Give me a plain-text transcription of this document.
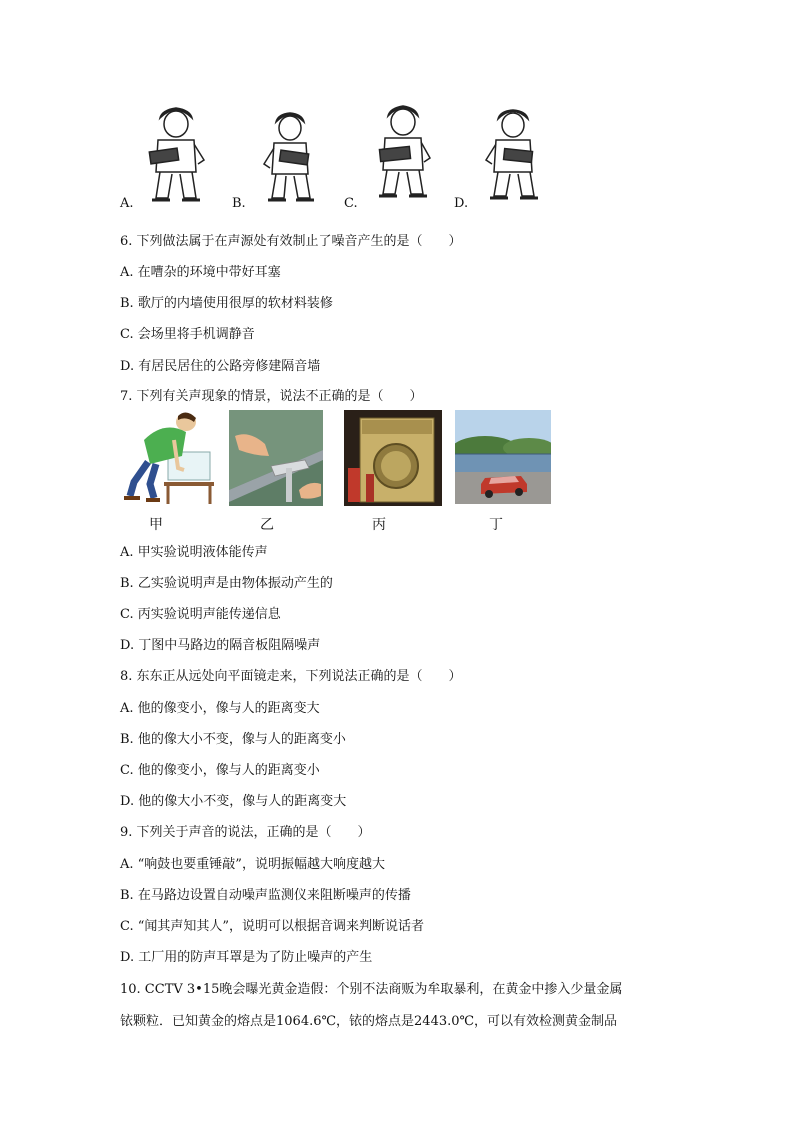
A.	B.	C.	D.
6. 下列做法属于在声源处有效制止了噪音产生的是（　　）
A. 在嘈杂的环境中带好耳塞
B. 歌厅的内墙使用很厚的软材料装修
C. 会场里将手机调静音
D. 有居民居住的公路旁修建隔音墙
7. 下列有关声现象的情景，说法不正确的是（　　）
甲	乙	丙	丁
A. 甲实验说明液体能传声
B. 乙实验说明声是由物体振动产生的
C. 丙实验说明声能传递信息
D. 丁图中马路边的隔音板阻隔噪声
8. 东东正从远处向平面镜走来，下列说法正确的是（　　）
A. 他的像变小，像与人的距离变大
B. 他的像大小不变，像与人的距离变小
C. 他的像变小，像与人的距离变小
D. 他的像大小不变，像与人的距离变大
9. 下列关于声音的说法，正确的是（　　）
A. “响鼓也要重锤敲”，说明振幅越大响度越大
B. 在马路边设置自动噪声监测仪来阻断噪声的传播
C. “闻其声知其人”，说明可以根据音调来判断说话者
D. 工厂用的防声耳罩是为了防止噪声的产生
10. CCTV 3•15晚会曝光黄金造假：个别不法商贩为牟取暴利，在黄金中掺入少量金属
铱颗粒．已知黄金的熔点是1064.6℃，铱的熔点是2443.0℃，可以有效检测黄金制品
